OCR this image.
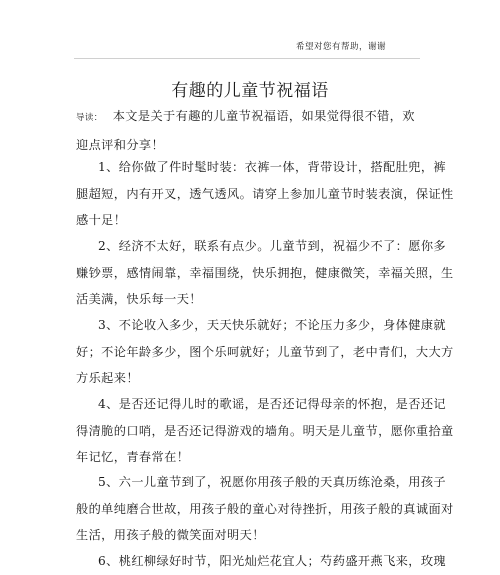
希望对您有帮助，谢谢
有趣的儿童节祝福语
导读： 本文是关于有趣的儿童节祝福语，如果觉得很不错，欢
迎点评和分享！
1、给你做了件时髦时装：衣裤一体，背带设计，搭配肚兜，裤
腿超短，内有开叉，透气透风。请穿上参加儿童节时装表演，保证性
感十足！
2、经济不太好，联系有点少。儿童节到，祝福少不了：愿你多
赚钞票，感情闹靠，幸福围绕，快乐拥抱，健康微笑，幸福关照，生
活美满，快乐每一天！
3、不论收入多少，天天快乐就好；不论压力多少，身体健康就
好；不论年龄多少，图个乐呵就好；儿童节到了，老中青们，大大方
方乐起来！
4、是否还记得儿时的歌谣，是否还记得母亲的怀抱，是否还记
得清脆的口哨，是否还记得游戏的墙角。明天是儿童节，愿你重拾童
年记忆，青春常在！
5、六一儿童节到了，祝愿你用孩子般的天真历练沧桑，用孩子
般的单纯磨合世故，用孩子般的童心对待挫折，用孩子般的真诚面对
生活，用孩子般的微笑面对明天！
6、桃红柳绿好时节，阳光灿烂花宜人；芍药盛开燕飞来，玫瑰
